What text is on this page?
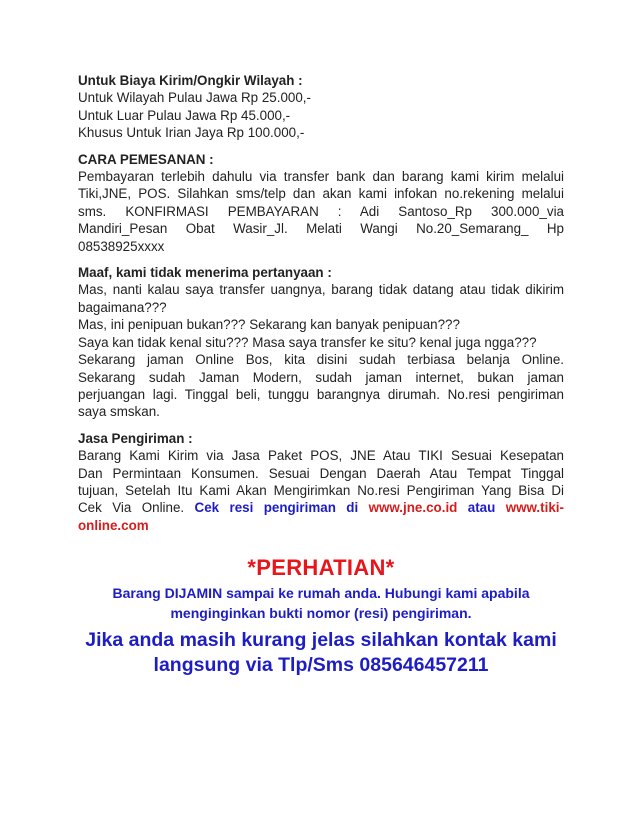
Untuk Biaya Kirim/Ongkir Wilayah :
Untuk Wilayah Pulau Jawa Rp 25.000,-
Untuk Luar Pulau Jawa Rp 45.000,-
Khusus Untuk Irian Jaya Rp 100.000,-
CARA PEMESANAN :
Pembayaran terlebih dahulu via transfer bank dan barang kami kirim melalui
Tiki,JNE, POS. Silahkan sms/telp dan akan kami infokan no.rekening melalui
sms. KONFIRMASI PEMBAYARAN : Adi Santoso_Rp 300.000_via
Mandiri_Pesan Obat Wasir_Jl. Melati Wangi No.20_Semarang_ Hp
08538925xxxx
Maaf, kami tidak menerima pertanyaan :
Mas, nanti kalau saya transfer uangnya, barang tidak datang atau tidak dikirim
bagaimana???
Mas, ini penipuan bukan??? Sekarang kan banyak penipuan???
Saya kan tidak kenal situ??? Masa saya transfer ke situ? kenal juga ngga???
Sekarang jaman Online Bos, kita disini sudah terbiasa belanja Online.
Sekarang sudah Jaman Modern, sudah jaman internet, bukan jaman
perjuangan lagi. Tinggal beli, tunggu barangnya dirumah. No.resi pengiriman
saya smskan.
Jasa Pengiriman :
Barang Kami Kirim via Jasa Paket POS, JNE Atau TIKI Sesuai Kesepatan
Dan Permintaan Konsumen. Sesuai Dengan Daerah Atau Tempat Tinggal
tujuan, Setelah Itu Kami Akan Mengirimkan No.resi Pengiriman Yang Bisa Di
Cek Via Online. Cek resi pengiriman di www.jne.co.id atau www.tiki-
online.com
*PERHATIAN*
Barang DIJAMIN sampai ke rumah anda. Hubungi kami apabila
menginginkan bukti nomor (resi) pengiriman.
Jika anda masih kurang jelas silahkan kontak kami
langsung via Tlp/Sms 085646457211
